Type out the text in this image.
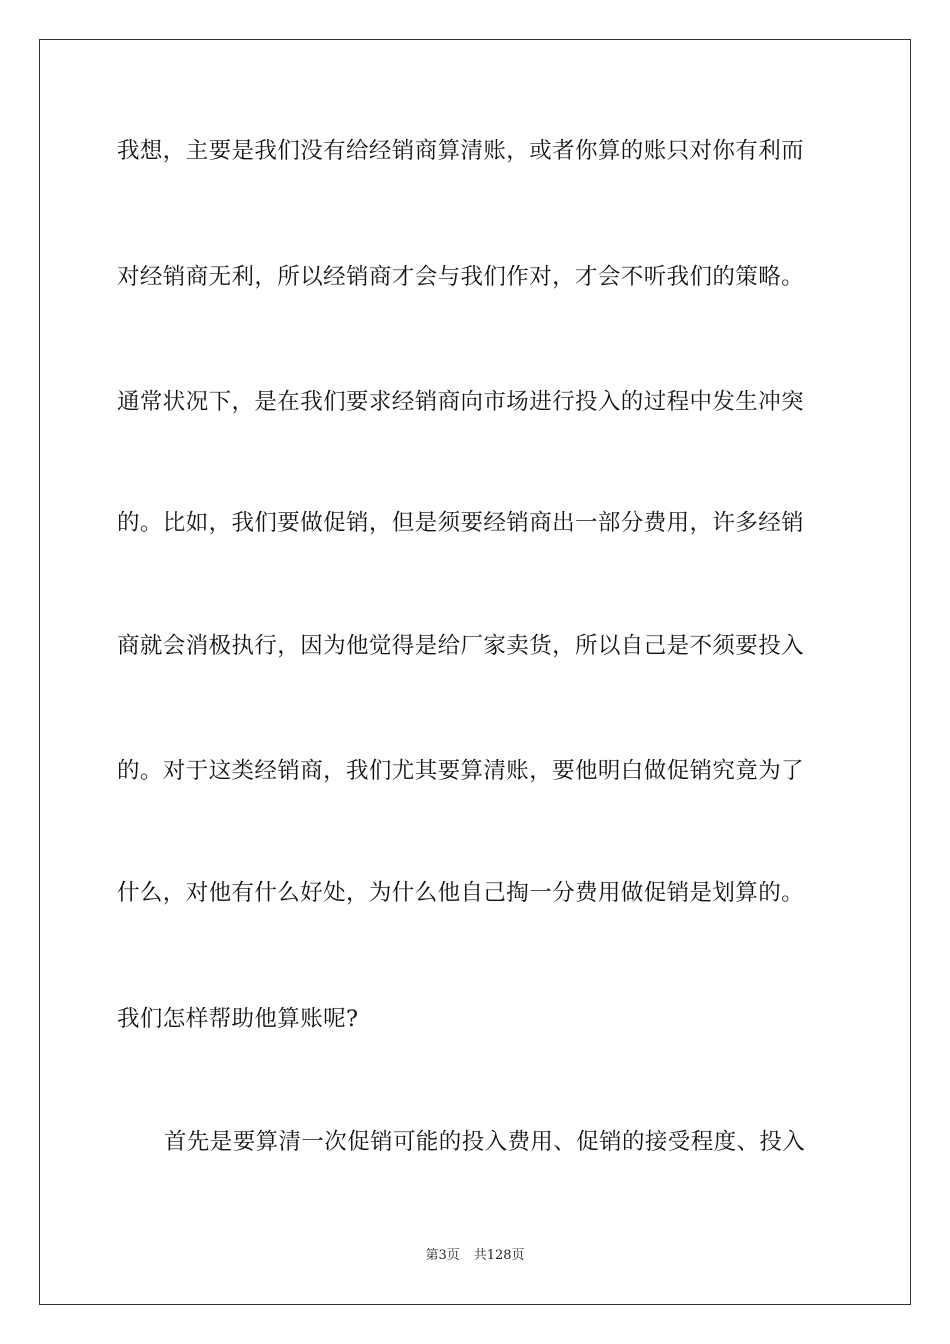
我想，主要是我们没有给经销商算清账，或者你算的账只对你有利而
对经销商无利，所以经销商才会与我们作对，才会不听我们的策略。
通常状况下，是在我们要求经销商向市场进行投入的过程中发生冲突
的。比如，我们要做促销，但是须要经销商出一部分费用，许多经销
商就会消极执行，因为他觉得是给厂家卖货，所以自己是不须要投入
的。对于这类经销商，我们尤其要算清账，要他明白做促销究竟为了
什么，对他有什么好处，为什么他自己掏一分费用做促销是划算的。
我们怎样帮助他算账呢?
首先是要算清一次促销可能的投入费用、促销的接受程度、投入
第3页 共128页
